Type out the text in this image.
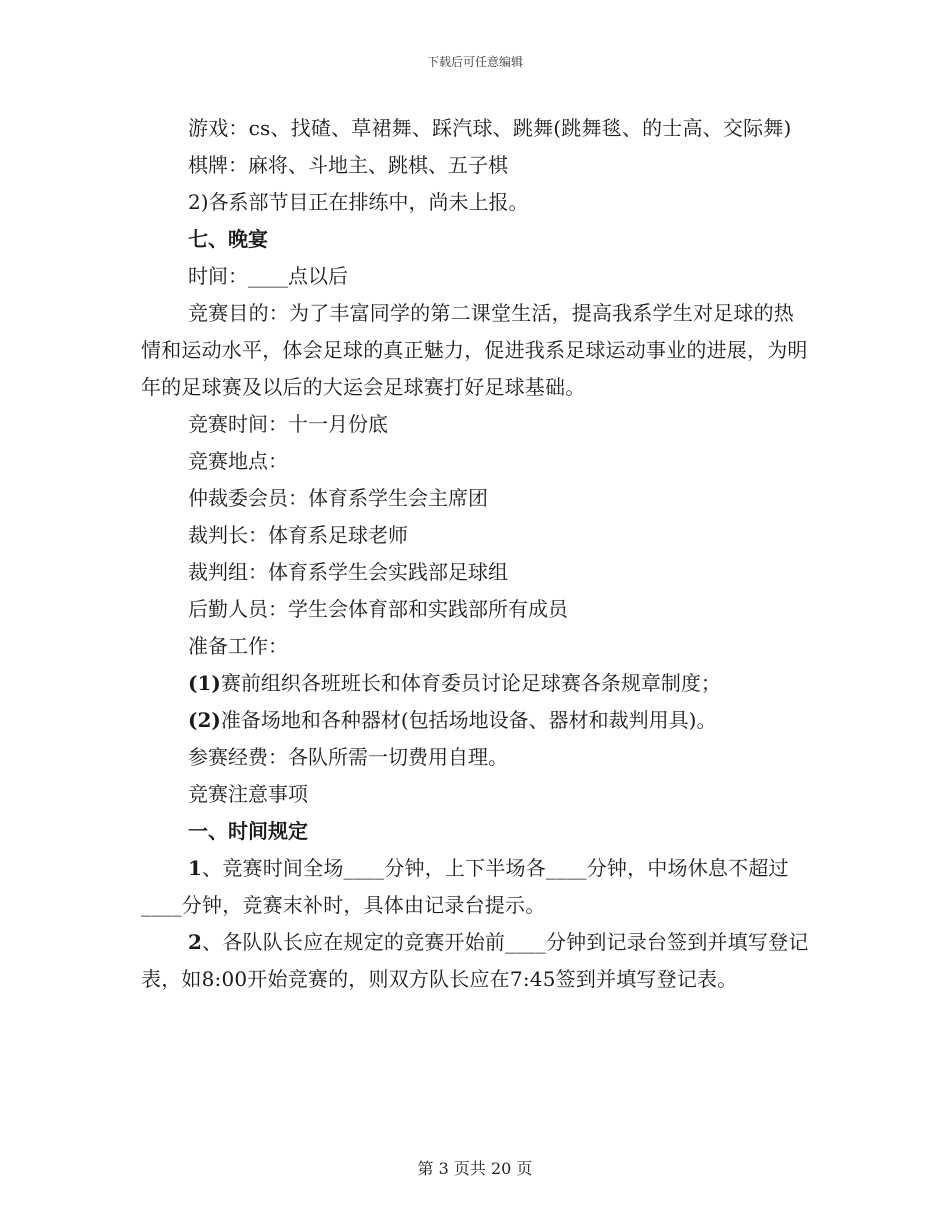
下载后可任意编辑
游戏：cs、找碴、草裙舞、踩汽球、跳舞(跳舞毯、的士高、交际舞)
棋牌：麻将、斗地主、跳棋、五子棋
2)各系部节目正在排练中，尚未上报。
七、晚宴
时间：____点以后
竞赛目的：为了丰富同学的第二课堂生活，提高我系学生对足球的热情和运动水平，体会足球的真正魅力，促进我系足球运动事业的进展，为明年的足球赛及以后的大运会足球赛打好足球基础。
竞赛时间：十一月份底
竞赛地点：
仲裁委会员：体育系学生会主席团
裁判长：体育系足球老师
裁判组：体育系学生会实践部足球组
后勤人员：学生会体育部和实践部所有成员
准备工作：
(1)赛前组织各班班长和体育委员讨论足球赛各条规章制度；
(2)准备场地和各种器材(包括场地设备、器材和裁判用具)。
参赛经费：各队所需一切费用自理。
竞赛注意事项
一、时间规定
1、竞赛时间全场____分钟，上下半场各____分钟，中场休息不超过____分钟，竞赛末补时，具体由记录台提示。
2、各队队长应在规定的竞赛开始前____分钟到记录台签到并填写登记表，如8:00开始竞赛的，则双方队长应在7:45签到并填写登记表。
第 3 页共 20 页
